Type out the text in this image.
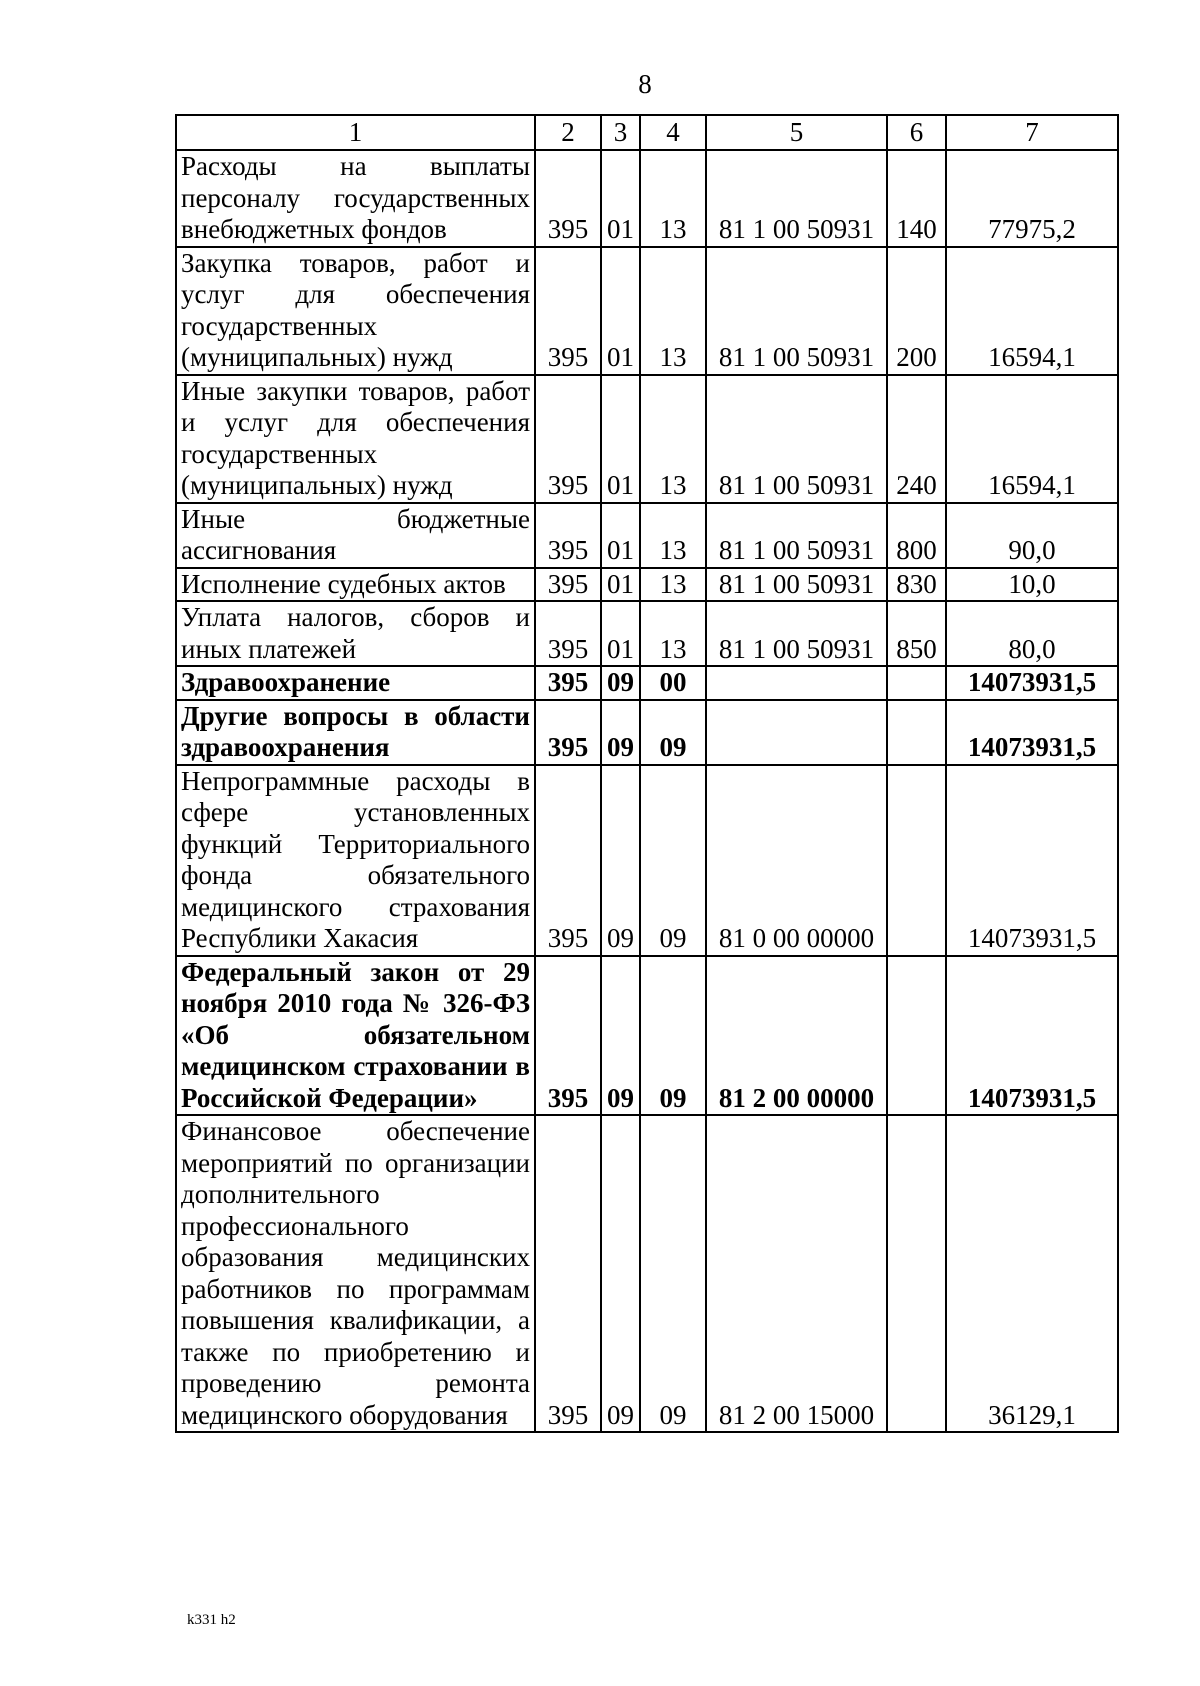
8
1	2	3	4	5	6	7
Расходы на выплаты персоналу государственных внебюджетных фондов	395	01	13	81 1 00 50931	140	77975,2
Закупка товаров, работ и услуг для обеспечения государственных (муниципальных) нужд	395	01	13	81 1 00 50931	200	16594,1
Иные закупки товаров, работ и услуг для обеспечения государственных (муниципальных) нужд	395	01	13	81 1 00 50931	240	16594,1
Иные бюджетные ассигнования	395	01	13	81 1 00 50931	800	90,0
Исполнение судебных актов	395	01	13	81 1 00 50931	830	10,0
Уплата налогов, сборов и иных платежей	395	01	13	81 1 00 50931	850	80,0
Здравоохранение	395	09	00			14073931,5
Другие вопросы в области здравоохранения	395	09	09			14073931,5
Непрограммные расходы в сфере установленных функций Территориального фонда обязательного медицинского страхования Республики Хакасия	395	09	09	81 0 00 00000		14073931,5
Федеральный закон от 29 ноября 2010 года № 326-ФЗ «Об обязательном медицинском страховании в Российской Федерации»	395	09	09	81 2 00 00000		14073931,5
Финансовое обеспечение мероприятий по организации дополнительного профессионального образования медицинских работников по программам повышения квалификации, а также по приобретению и проведению ремонта медицинского оборудования	395	09	09	81 2 00 15000		36129,1
k331 h2
